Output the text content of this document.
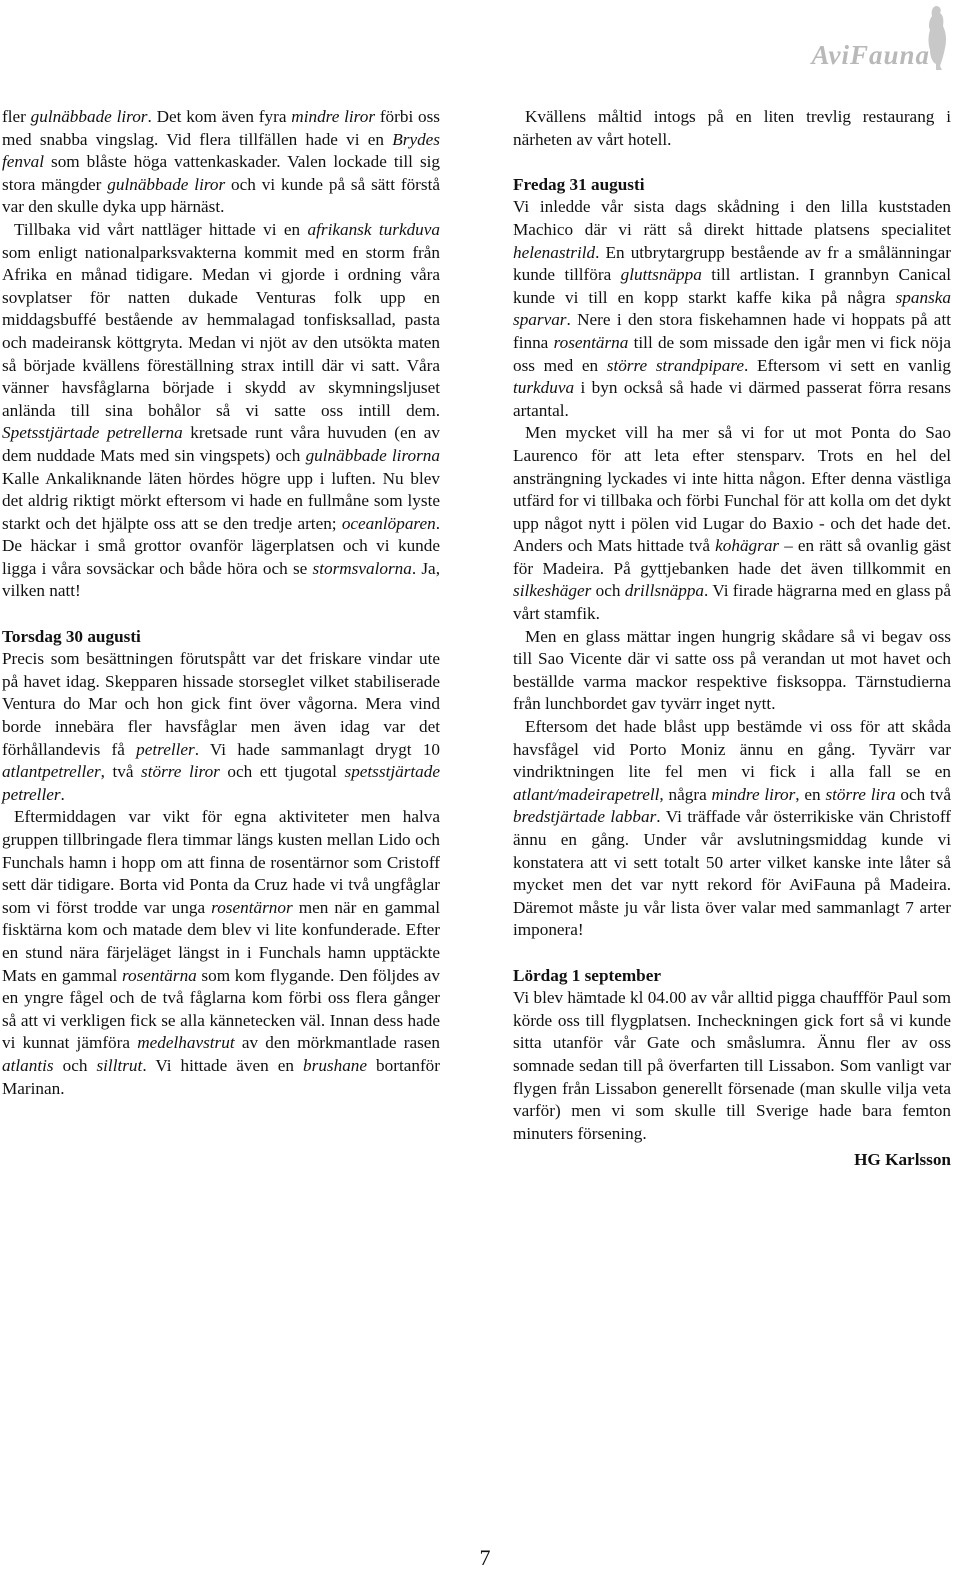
AviFauna

fler gulnäbbade liror. Det kom även fyra mindre liror förbi oss med snabba vingslag. Vid flera tillfällen hade vi en Brydes fenval som blåste höga vattenkaskader. Valen lockade till sig stora mängder gulnäbbade liror och vi kunde på så sätt förstå var den skulle dyka upp härnäst.

Tillbaka vid vårt nattläger hittade vi en afrikansk turkduva som enligt nationalparksvakterna kommit med en storm från Afrika en månad tidigare. Medan vi gjorde i ordning våra sovplatser för natten dukade Venturas folk upp en middagsbuffé bestående av hemmalagad tonfisksallad, pasta och madeiransk köttgryta. Medan vi njöt av den utsökta maten så började kvällens föreställning strax intill där vi satt. Våra vänner havsfåglarna började i skydd av skymningsljuset anlända till sina bohålor så vi satte oss intill dem. Spetsstjärtade petrellerna kretsade runt våra huvuden (en av dem nuddade Mats med sin vingspets) och gulnäbbade lirorna Kalle Ankaliknande läten hördes högre upp i luften. Nu blev det aldrig riktigt mörkt eftersom vi hade en fullmåne som lyste starkt och det hjälpte oss att se den tredje arten; oceanlöparen. De häckar i små grottor ovanför lägerplatsen och vi kunde ligga i våra sovsäckar och både höra och se stormsvalorna. Ja, vilken natt!

Torsdag 30 augusti

Precis som besättningen förutspått var det friskare vindar ute på havet idag. Skepparen hissade storseglet vilket stabiliserade Ventura do Mar och hon gick fint över vågorna. Mera vind borde innebära fler havsfåglar men även idag var det förhållandevis få petreller. Vi hade sammanlagt drygt 10 atlantpetreller, två större liror och ett tjugotal spetsstjärtade petreller.

Eftermiddagen var vikt för egna aktiviteter men halva gruppen tillbringade flera timmar längs kusten mellan Lido och Funchals hamn i hopp om att finna de rosentärnor som Cristoff sett där tidigare. Borta vid Ponta da Cruz hade vi två ungfåglar som vi först trodde var unga rosentärnor men när en gammal fisktärna kom och matade dem blev vi lite konfunderade. Efter en stund nära färjeläget längst in i Funchals hamn upptäckte Mats en gammal rosentärna som kom flygande. Den följdes av en yngre fågel och de två fåglarna kom förbi oss flera gånger så att vi verkligen fick se alla kännetecken väl. Innan dess hade vi kunnat jämföra medelhavstrut av den mörkmantlade rasen atlantis och silltrut. Vi hittade även en brushane bortanför Marinan.

Kvällens måltid intogs på en liten trevlig restaurang i närheten av vårt hotell.

Fredag 31 augusti

Vi inledde vår sista dags skådning i den lilla kuststaden Machico där vi rätt så direkt hittade platsens specialitet helenastrild. En utbrytargrupp bestående av fr a smålänningar kunde tillföra gluttsnäppa till artlistan. I grannbyn Canical kunde vi till en kopp starkt kaffe kika på några spanska sparvar. Nere i den stora fiskehamnen hade vi hoppats på att finna rosentärna till de som missade den igår men vi fick nöja oss med en större strandpipare. Eftersom vi sett en vanlig turkduva i byn också så hade vi därmed passerat förra resans artantal.

Men mycket vill ha mer så vi for ut mot Ponta do Sao Laurenco för att leta efter stensparv. Trots en hel del ansträngning lyckades vi inte hitta någon. Efter denna västliga utfärd for vi tillbaka och förbi Funchal för att kolla om det dykt upp något nytt i pölen vid Lugar do Baxio - och det hade det. Anders och Mats hittade två kohägrar – en rätt så ovanlig gäst för Madeira. På gyttjebanken hade det även tillkommit en silkeshäger och drillsnäppa. Vi firade hägrarna med en glass på vårt stamfik.

Men en glass mättar ingen hungrig skådare så vi begav oss till Sao Vicente där vi satte oss på verandan ut mot havet och beställde varma mackor respektive fisksoppa. Tärnstudierna från lunchbordet gav tyvärr inget nytt.

Eftersom det hade blåst upp bestämde vi oss för att skåda havsfågel vid Porto Moniz ännu en gång. Tyvärr var vindriktningen lite fel men vi fick i alla fall se en atlant/madeirapetrell, några mindre liror, en större lira och två bredstjärtade labbar. Vi träffade vår österrikiske vän Christoff ännu en gång. Under vår avslutningsmiddag kunde vi konstatera att vi sett totalt 50 arter vilket kanske inte låter så mycket men det var nytt rekord för AviFauna på Madeira. Däremot måste ju vår lista över valar med sammanlagt 7 arter imponera!

Lördag 1 september

Vi blev hämtade kl 04.00 av vår alltid pigga chauffför Paul som körde oss till flygplatsen. Incheckningen gick fort så vi kunde sitta utanför vår Gate och småslumra. Ännu fler av oss somnade sedan till på överfarten till Lissabon. Som vanligt var flygen från Lissabon generellt försenade (man skulle vilja veta varför) men vi som skulle till Sverige hade bara femton minuters försening.

HG Karlsson
7
